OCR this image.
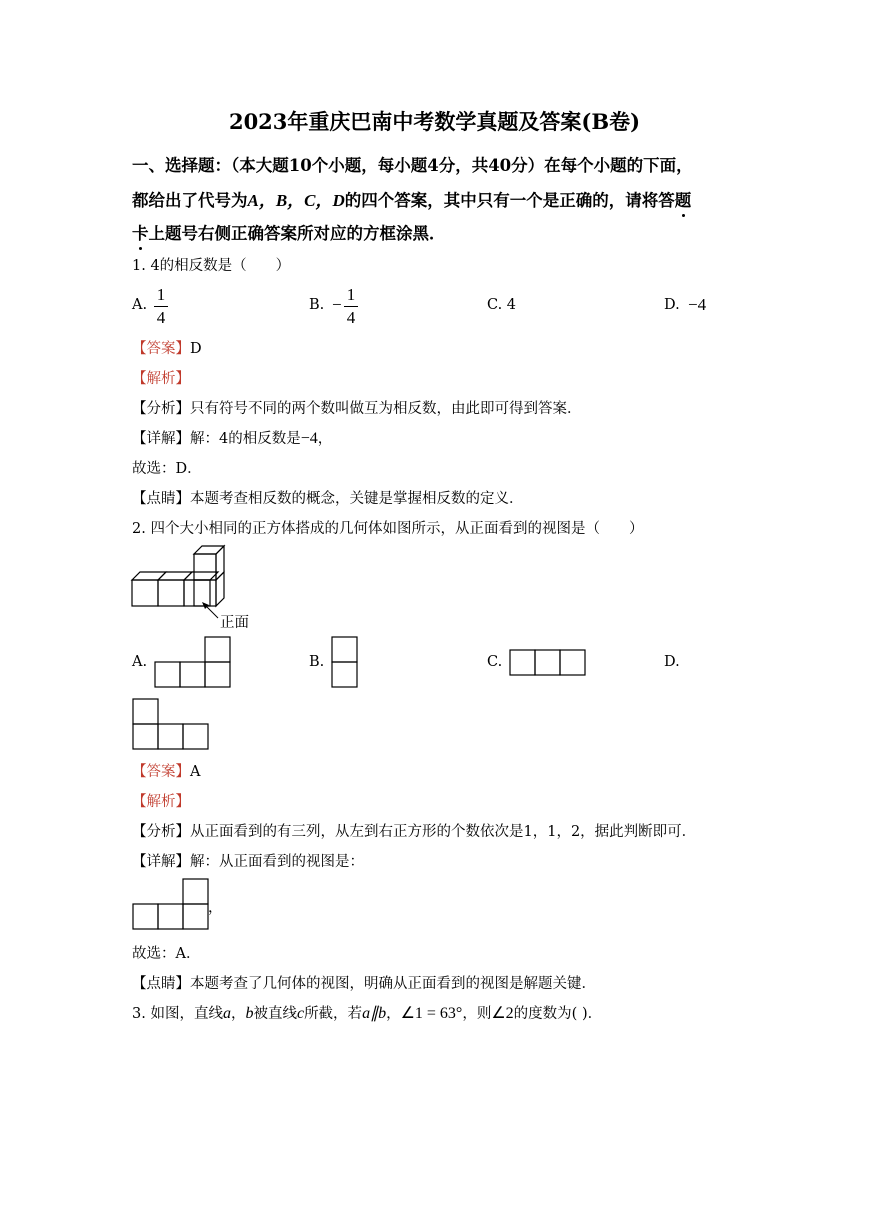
2023年重庆巴南中考数学真题及答案(B卷)
一、选择题：（本大题10个小题，每小题4分，共40分）在每个小题的下面，
都给出了代号为A，B，C，D的四个答案，其中只有一个是正确的，请将答题
卡上题号右侧正确答案所对应的方框涂黑．
1. 4的相反数是（　　）
A.
1
4
B. −
1
4
C. 4	D. −4
【答案】D
【解析】
【分析】只有符号不同的两个数叫做互为相反数，由此即可得到答案．
【详解】解：4的相反数是−4，
故选：D．
【点睛】本题考查相反数的概念，关键是掌握相反数的定义．
2. 四个大小相同的正方体搭成的几何体如图所示，从正面看到的视图是（　　）
正面
A.	B.	C.	D.
【答案】A
【解析】
【分析】从正面看到的有三列，从左到右正方形的个数依次是1，1，2，据此判断即可．
【详解】解：从正面看到的视图是：
，
故选：A．
【点睛】本题考查了几何体的视图，明确从正面看到的视图是解题关键．
3. 如图，直线a，b被直线c所截，若a∥b，∠1 = 63°，则∠2的度数为( )．
